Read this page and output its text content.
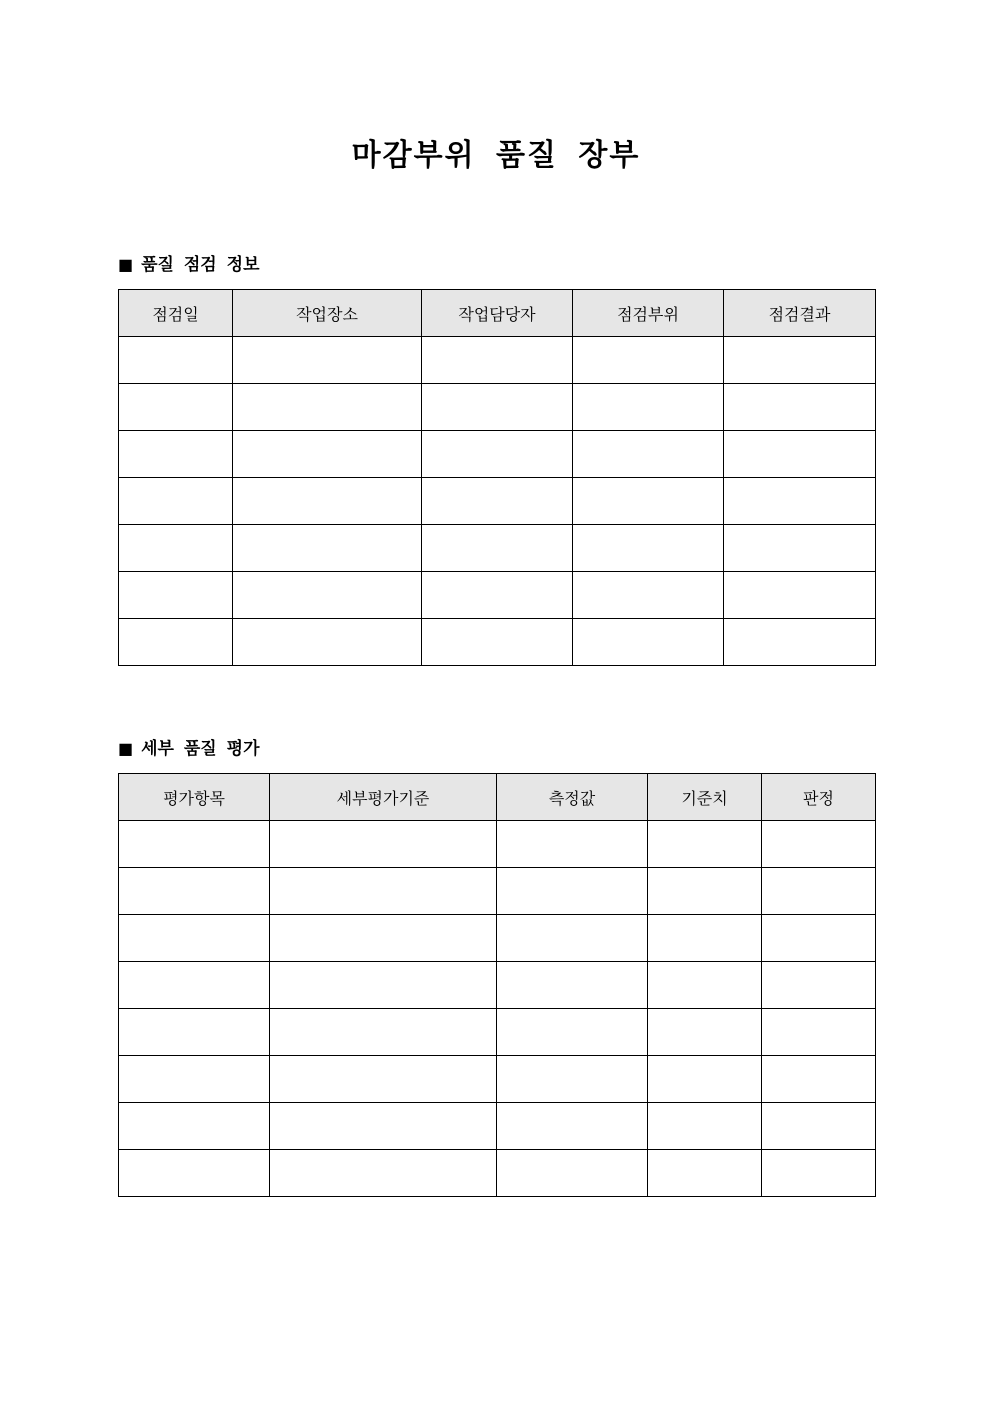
마감부위 품질 장부
■ 품질 점검 정보
점검일	작업장소	작업담당자	점검부위	점검결과

■ 세부 품질 평가
평가항목	세부평가기준	측정값	기준치	판정
